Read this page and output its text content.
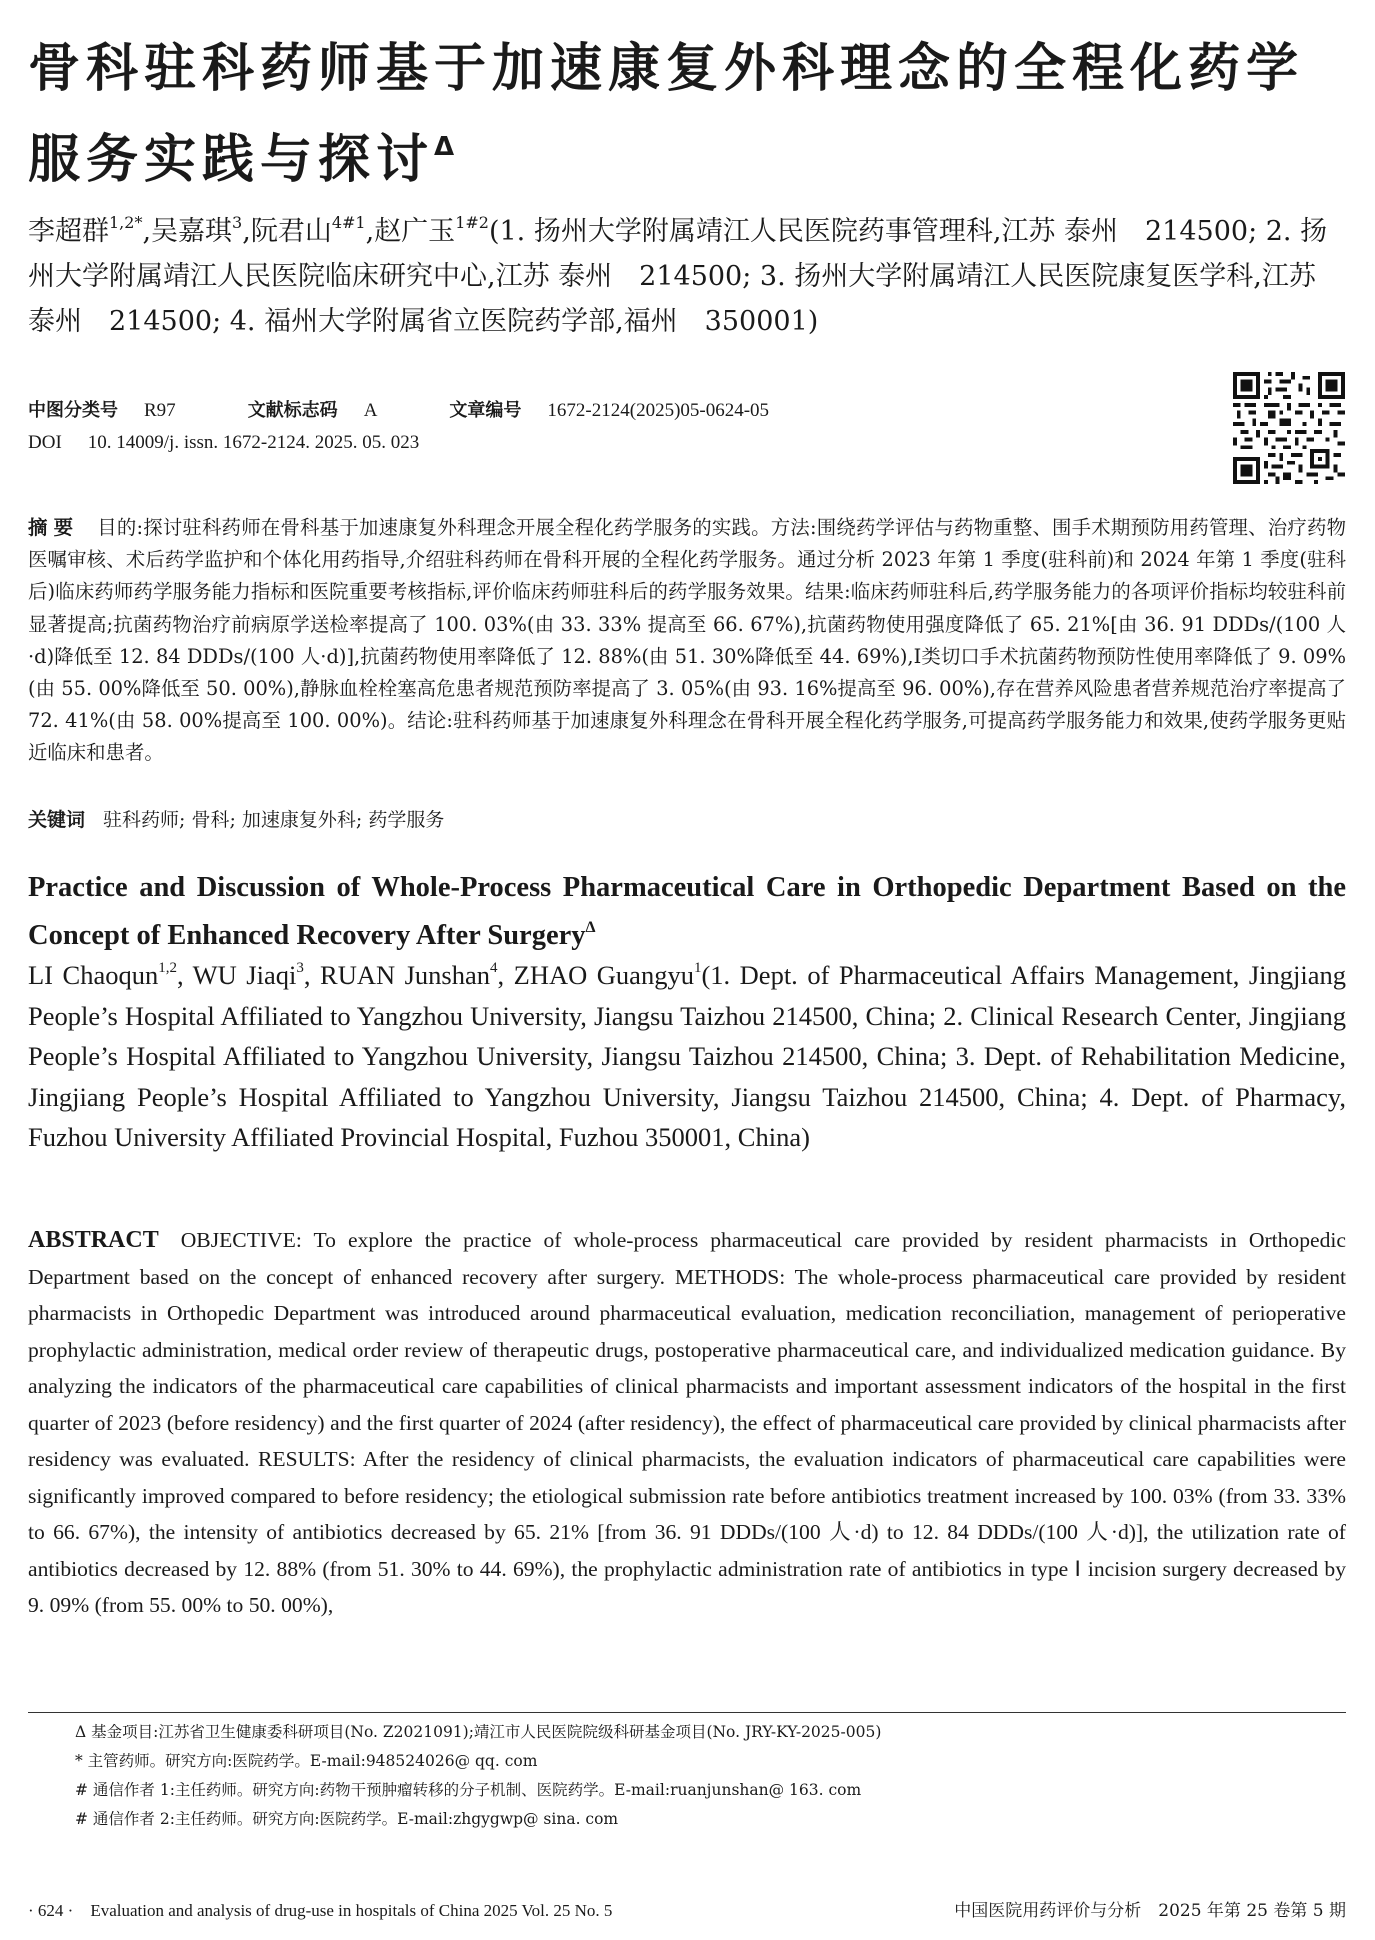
骨科驻科药师基于加速康复外科理念的全程化药学服务实践与探讨$^\Delta$

李超群$^{1,2*}$,吴嘉琪$^3$,阮君山$^{4\#1}$,赵广玉$^{1\#2}$(1. 扬州大学附属靖江人民医院药事管理科,江苏 泰州　214500; 2. 扬州大学附属靖江人民医院临床研究中心,江苏 泰州　214500; 3. 扬州大学附属靖江人民医院康复医学科,江苏 泰州　214500; 4. 福州大学附属省立医院药学部,福州　350001)

中图分类号 R97	文献标志码 A	文章编号 1672-2124(2025)05-0624-05
DOI 10. 14009/j. issn. 1672-2124. 2025. 05. 023

摘要 目的:探讨驻科药师在骨科基于加速康复外科理念开展全程化药学服务的实践。方法:围绕药学评估与药物重整、围手术期预防用药管理、治疗药物医嘱审核、术后药学监护和个体化用药指导,介绍驻科药师在骨科开展的全程化药学服务。通过分析 2023 年第 1 季度(驻科前)和 2024 年第 1 季度(驻科后)临床药师药学服务能力指标和医院重要考核指标,评价临床药师驻科后的药学服务效果。结果:临床药师驻科后,药学服务能力的各项评价指标均较驻科前显著提高;抗菌药物治疗前病原学送检率提高了 100. 03%(由 33. 33% 提高至 66. 67%),抗菌药物使用强度降低了 65. 21%[由 36. 91 DDDs/(100 人·d)降低至 12. 84 DDDs/(100 人·d)],抗菌药物使用率降低了 12. 88%(由 51. 30%降低至 44. 69%),Ⅰ类切口手术抗菌药物预防性使用率降低了 9. 09%(由 55. 00%降低至 50. 00%),静脉血栓栓塞高危患者规范预防率提高了 3. 05%(由 93. 16%提高至 96. 00%),存在营养风险患者营养规范治疗率提高了 72. 41%(由 58. 00%提高至 100. 00%)。结论:驻科药师基于加速康复外科理念在骨科开展全程化药学服务,可提高药学服务能力和效果,使药学服务更贴近临床和患者。

关键词 驻科药师; 骨科; 加速康复外科; 药学服务

Practice and Discussion of Whole-Process Pharmaceutical Care in Orthopedic Department Based on the Concept of Enhanced Recovery After Surgery$^\Delta$

LI Chaoqun$^{1,2}$, WU Jiaqi$^3$, RUAN Junshan$^4$, ZHAO Guangyu$^1$(1. Dept. of Pharmaceutical Affairs Management, Jingjiang People’s Hospital Affiliated to Yangzhou University, Jiangsu Taizhou 214500, China; 2. Clinical Research Center, Jingjiang People’s Hospital Affiliated to Yangzhou University, Jiangsu Taizhou 214500, China; 3. Dept. of Rehabilitation Medicine, Jingjiang People’s Hospital Affiliated to Yangzhou University, Jiangsu Taizhou 214500, China; 4. Dept. of Pharmacy, Fuzhou University Affiliated Provincial Hospital, Fuzhou 350001, China)

ABSTRACT OBJECTIVE: To explore the practice of whole-process pharmaceutical care provided by resident pharmacists in Orthopedic Department based on the concept of enhanced recovery after surgery. METHODS: The whole-process pharmaceutical care provided by resident pharmacists in Orthopedic Department was introduced around pharmaceutical evaluation, medication reconciliation, management of perioperative prophylactic administration, medical order review of therapeutic drugs, postoperative pharmaceutical care, and individualized medication guidance. By analyzing the indicators of the pharmaceutical care capabilities of clinical pharmacists and important assessment indicators of the hospital in the first quarter of 2023 (before residency) and the first quarter of 2024 (after residency), the effect of pharmaceutical care provided by clinical pharmacists after residency was evaluated. RESULTS: After the residency of clinical pharmacists, the evaluation indicators of pharmaceutical care capabilities were significantly improved compared to before residency; the etiological submission rate before antibiotics treatment increased by 100. 03% (from 33. 33% to 66. 67%), the intensity of antibiotics decreased by 65. 21% [from 36. 91 DDDs/(100 人·d) to 12. 84 DDDs/(100 人·d)], the utilization rate of antibiotics decreased by 12. 88% (from 51. 30% to 44. 69%), the prophylactic administration rate of antibiotics in type Ⅰ incision surgery decreased by 9. 09% (from 55. 00% to 50. 00%),

Δ 基金项目:江苏省卫生健康委科研项目(No. Z2021091);靖江市人民医院院级科研基金项目(No. JRY-KY-2025-005)
* 主管药师。研究方向:医院药学。E-mail:948524026@ qq. com
# 通信作者 1:主任药师。研究方向:药物干预肿瘤转移的分子机制、医院药学。E-mail:ruanjunshan@ 163. com
# 通信作者 2:主任药师。研究方向:医院药学。E-mail:zhgygwp@ sina. com
· 624 ·　Evaluation and analysis of drug-use in hospitals of China 2025 Vol. 25 No. 5	中国医院用药评价与分析　2025 年第 25 卷第 5 期
